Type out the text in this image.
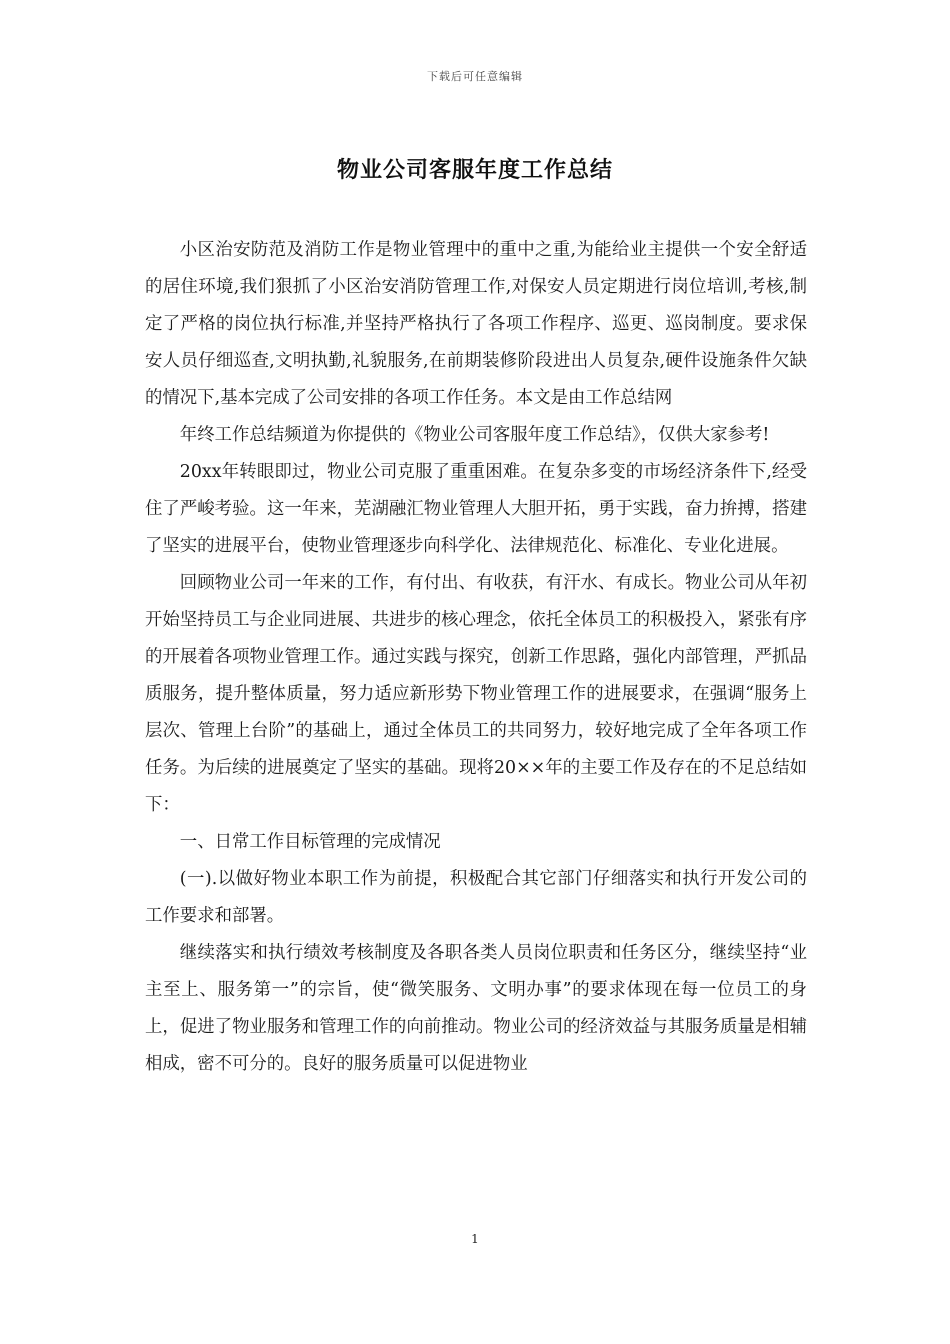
下载后可任意编辑
物业公司客服年度工作总结

小区治安防范及消防工作是物业管理中的重中之重,为能给业主提供一个安全舒适的居住环境,我们狠抓了小区治安消防管理工作,对保安人员定期进行岗位培训,考核,制定了严格的岗位执行标准,并坚持严格执行了各项工作程序、巡更、巡岗制度。要求保安人员仔细巡查,文明执勤,礼貌服务,在前期装修阶段进出人员复杂,硬件设施条件欠缺的情况下,基本完成了公司安排的各项工作任务。本文是由工作总结网

年终工作总结频道为你提供的《物业公司客服年度工作总结》，仅供大家参考!

20xx年转眼即过，物业公司克服了重重困难。在复杂多变的市场经济条件下,经受住了严峻考验。这一年来，芜湖融汇物业管理人大胆开拓，勇于实践，奋力拚搏，搭建了坚实的进展平台，使物业管理逐步向科学化、法律规范化、标准化、专业化进展。

回顾物业公司一年来的工作，有付出、有收获，有汗水、有成长。物业公司从年初开始坚持员工与企业同进展、共进步的核心理念，依托全体员工的积极投入，紧张有序的开展着各项物业管理工作。通过实践与探究，创新工作思路，强化内部管理，严抓品质服务，提升整体质量，努力适应新形势下物业管理工作的进展要求，在强调“服务上层次、管理上台阶”的基础上，通过全体员工的共同努力，较好地完成了全年各项工作任务。为后续的进展奠定了坚实的基础。现将20××年的主要工作及存在的不足总结如下：

一、日常工作目标管理的完成情况

(一).以做好物业本职工作为前提，积极配合其它部门仔细落实和执行开发公司的工作要求和部署。

继续落实和执行绩效考核制度及各职各类人员岗位职责和任务区分，继续坚持“业主至上、服务第一”的宗旨，使“微笑服务、文明办事”的要求体现在每一位员工的身上，促进了物业服务和管理工作的向前推动。物业公司的经济效益与其服务质量是相辅相成，密不可分的。良好的服务质量可以促进物业

1
